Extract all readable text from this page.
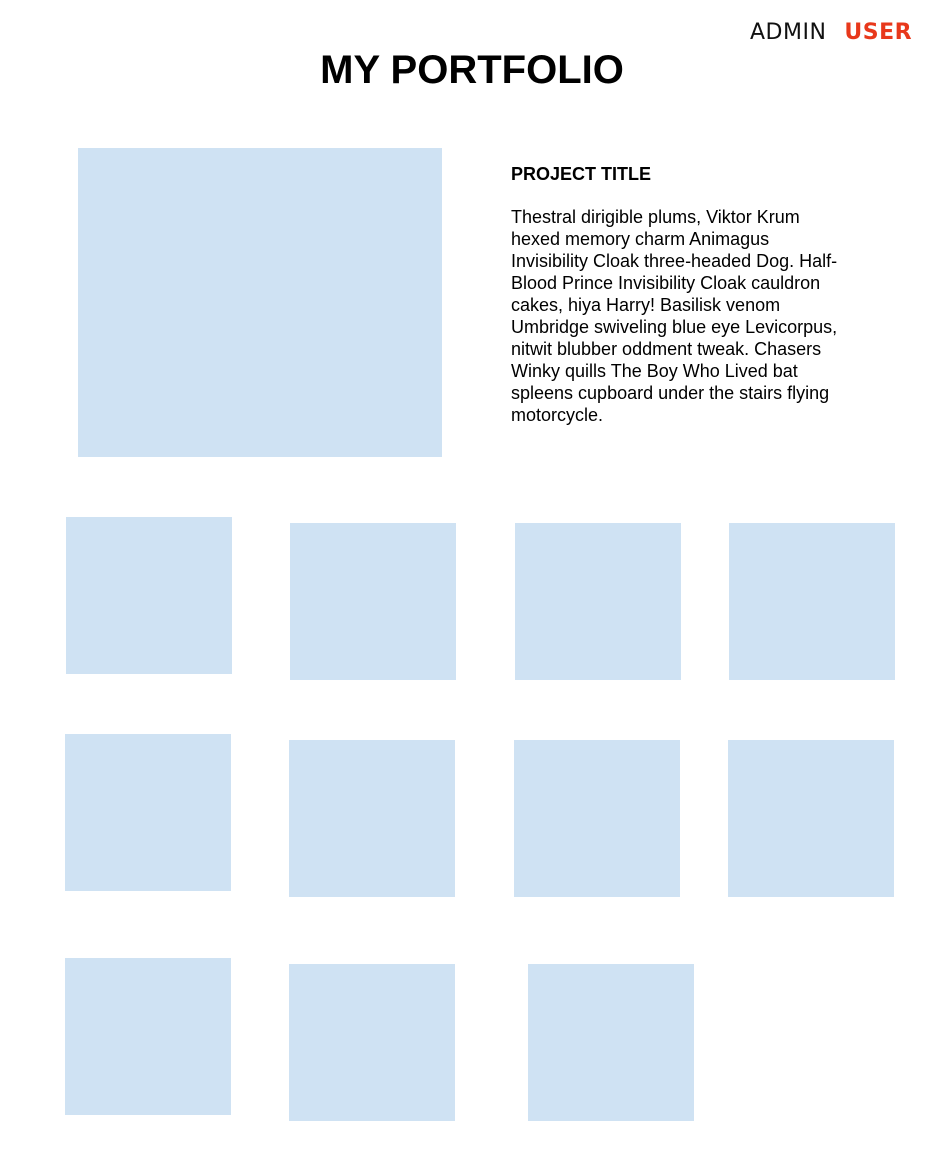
ADMIN USER
MY PORTFOLIO
PROJECT TITLE

Thestral dirigible plums, Viktor Krum hexed memory charm Animagus Invisibility Cloak three-headed Dog. Half-Blood Prince Invisibility Cloak cauldron cakes, hiya Harry! Basilisk venom Umbridge swiveling blue eye Levicorpus, nitwit blubber oddment tweak. Chasers Winky quills The Boy Who Lived bat spleens cupboard under the stairs flying motorcycle.
